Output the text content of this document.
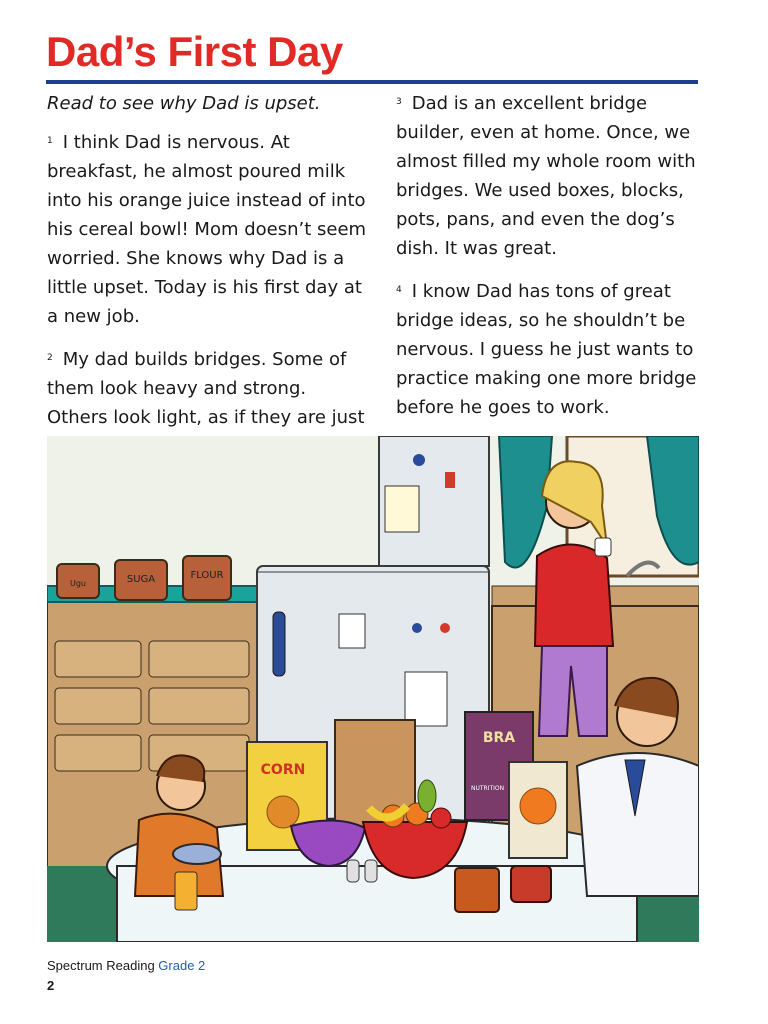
Dad’s First Day

Read to see why Dad is upset.

$^1$ I think Dad is nervous. At breakfast, he almost poured milk into his orange juice instead of into his cereal bowl! Mom doesn’t seem worried. She knows why Dad is a little upset. Today is his first day at a new job.

$^2$ My dad builds bridges. Some of them look heavy and strong. Others look light, as if they are just

$^3$ Dad is an excellent bridge builder, even at home. Once, we almost filled my whole room with bridges. We used boxes, blocks, pots, pans, and even the dog’s dish. It was great.

$^4$ I know Dad has tons of great bridge ideas, so he shouldn’t be nervous. I guess he just wants to practice making one more bridge before he goes to work.

Ugu	SUGA	FLOUR
CORN
BRA
NUTRITION
Spectrum Reading Grade 2
2
